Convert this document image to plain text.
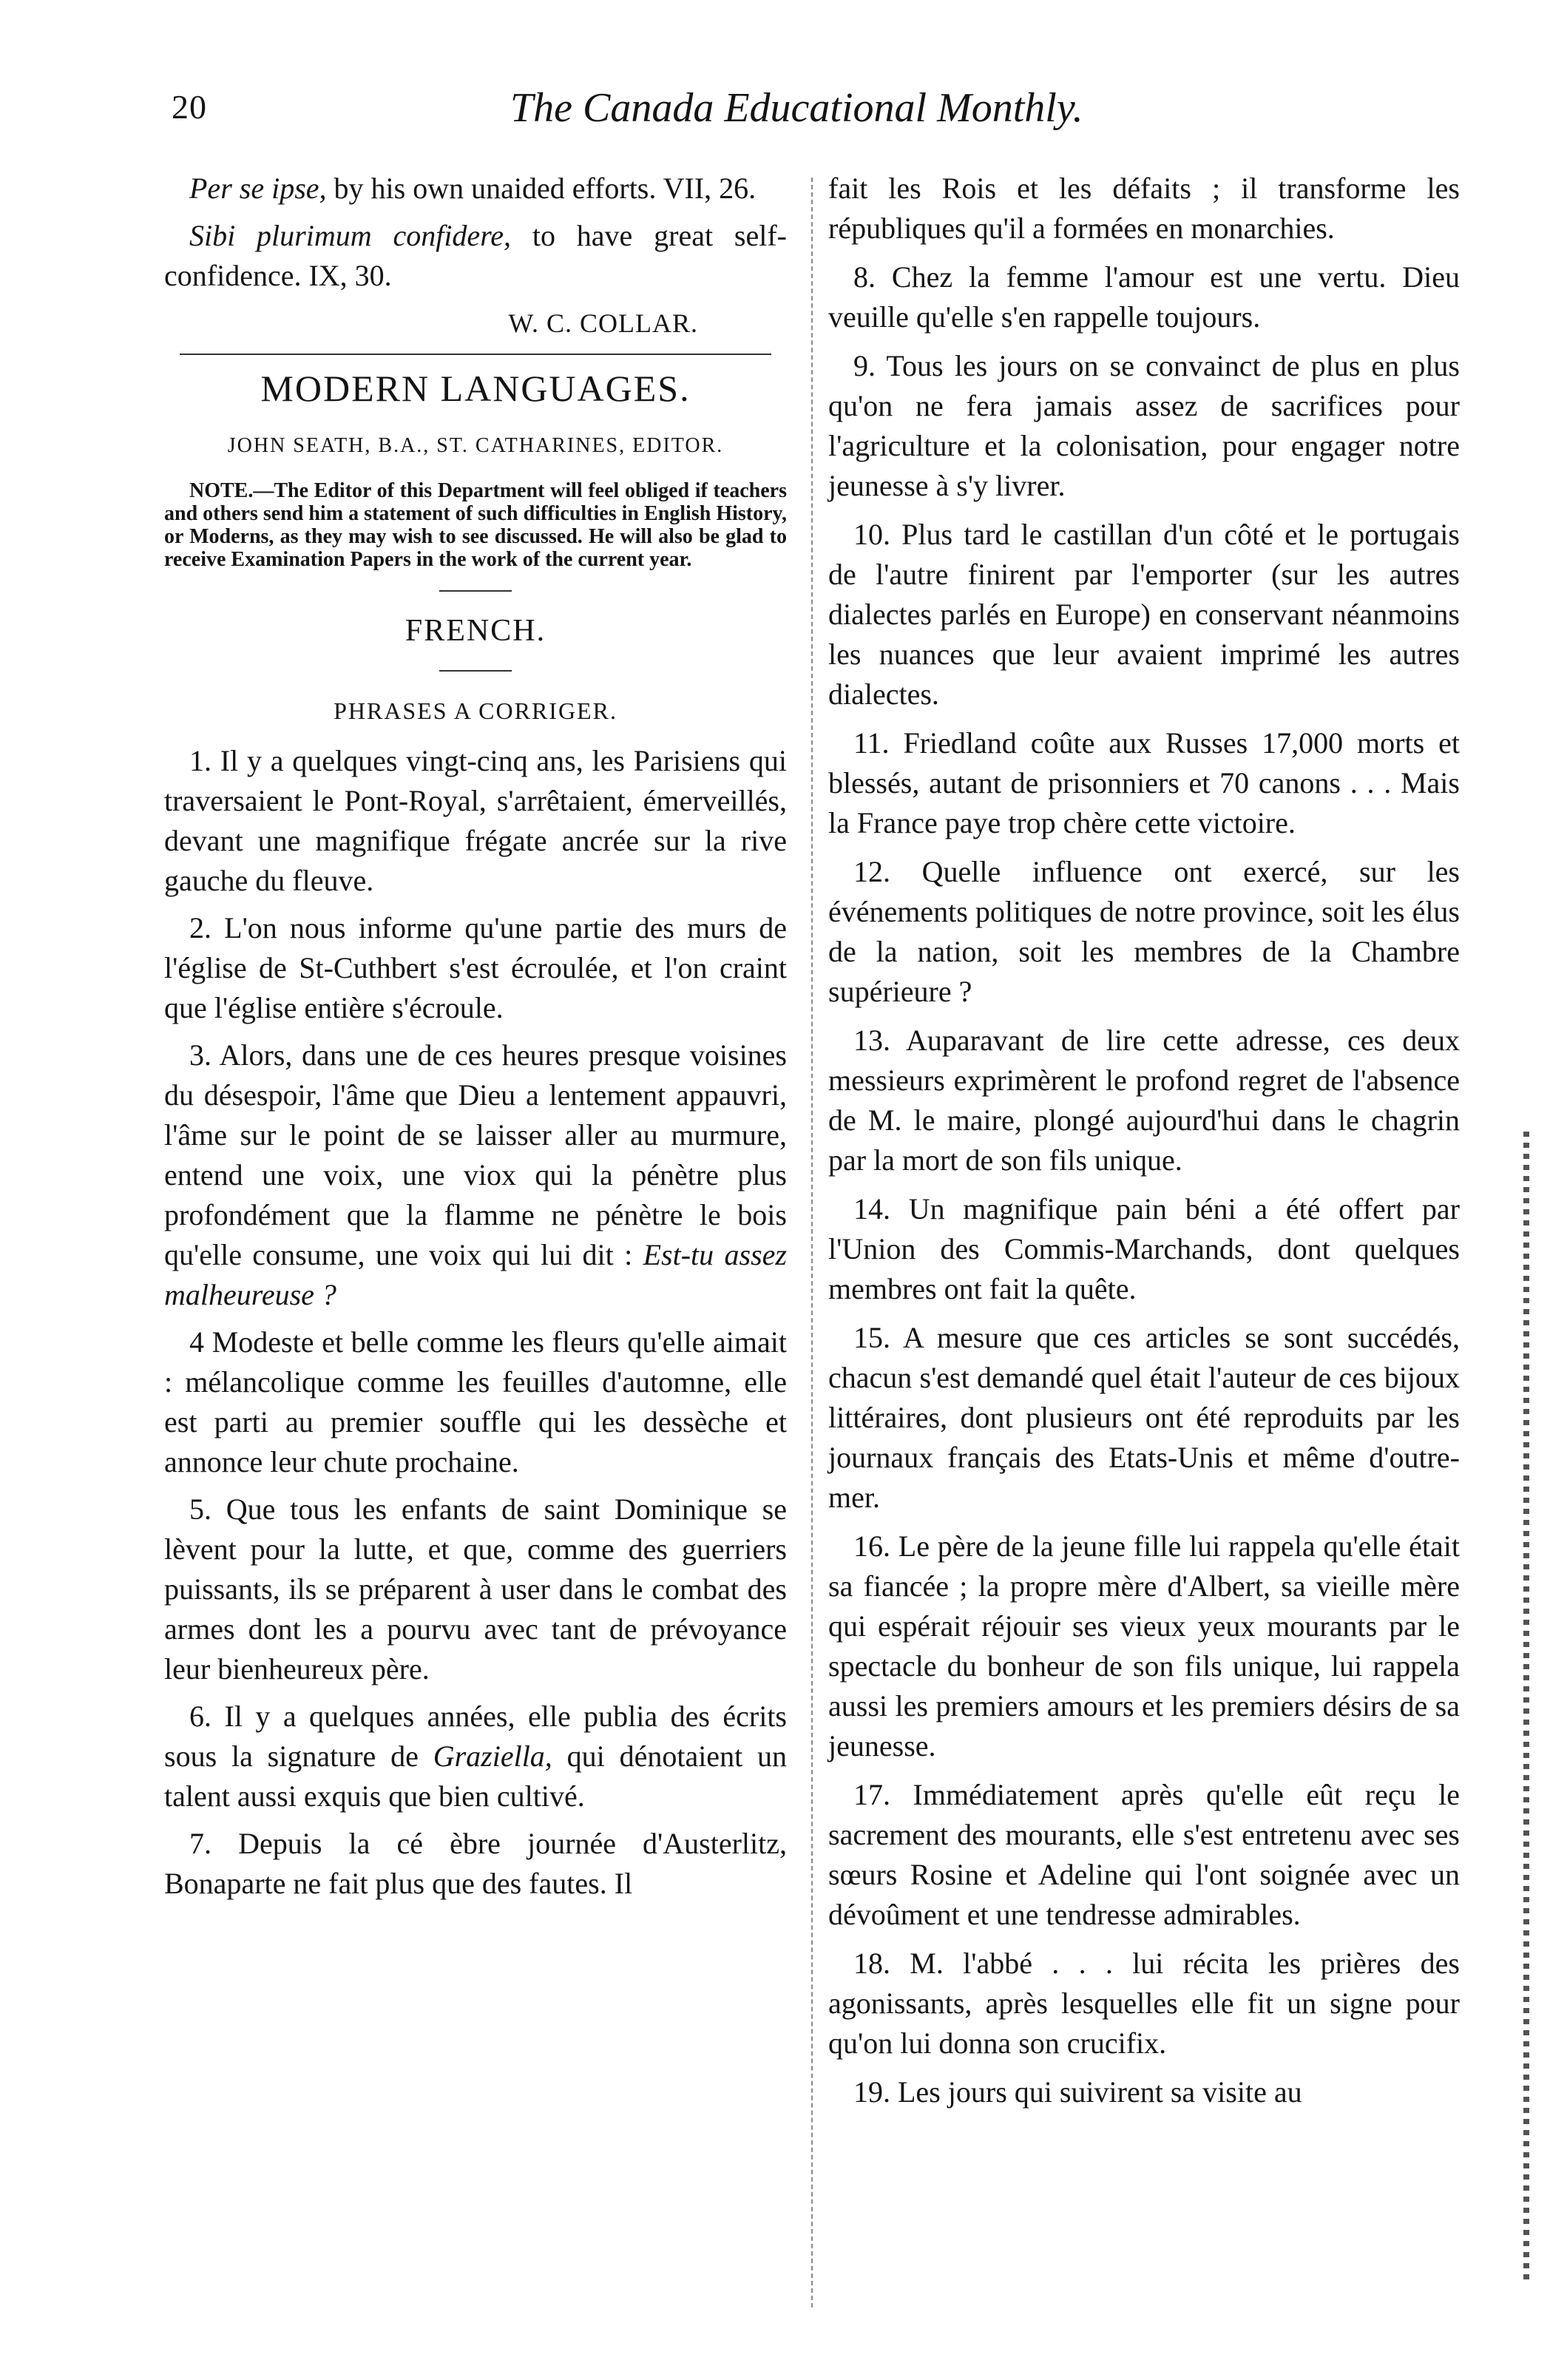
20	The Canada Educational Monthly.

Per se ipse, by his own unaided efforts. VII, 26.

Sibi plurimum confidere, to have great self-confidence. IX, 30.

W. C. COLLAR.
MODERN LANGUAGES.
JOHN SEATH, B.A., ST. CATHARINES, EDITOR.

NOTE.—The Editor of this Department will feel obliged if teachers and others send him a statement of such difficulties in English History, or Moderns, as they may wish to see discussed. He will also be glad to receive Examination Papers in the work of the current year.

FRENCH.
PHRASES A CORRIGER.

1. Il y a quelques vingt-cinq ans, les Parisiens qui traversaient le Pont-Royal, s'arrêtaient, émerveillés, devant une magnifique frégate ancrée sur la rive gauche du fleuve.

2. L'on nous informe qu'une partie des murs de l'église de St-Cuthbert s'est écroulée, et l'on craint que l'église entière s'écroule.

3. Alors, dans une de ces heures presque voisines du désespoir, l'âme que Dieu a lentement appauvri, l'âme sur le point de se laisser aller au murmure, entend une voix, une viox qui la pénètre plus profondément que la flamme ne pénètre le bois qu'elle consume, une voix qui lui dit : Est-tu assez malheureuse ?

4 Modeste et belle comme les fleurs qu'elle aimait : mélancolique comme les feuilles d'automne, elle est parti au premier souffle qui les dessèche et annonce leur chute prochaine.

5. Que tous les enfants de saint Dominique se lèvent pour la lutte, et que, comme des guerriers puissants, ils se préparent à user dans le combat des armes dont les a pourvu avec tant de prévoyance leur bienheureux père.

6. Il y a quelques années, elle publia des écrits sous la signature de Graziella, qui dénotaient un talent aussi exquis que bien cultivé.

7. Depuis la cé èbre journée d'Austerlitz, Bonaparte ne fait plus que des fautes. Il

fait les Rois et les défaits ; il transforme les républiques qu'il a formées en monarchies.

8. Chez la femme l'amour est une vertu. Dieu veuille qu'elle s'en rappelle toujours.

9. Tous les jours on se convainct de plus en plus qu'on ne fera jamais assez de sacrifices pour l'agriculture et la colonisation, pour engager notre jeunesse à s'y livrer.

10. Plus tard le castillan d'un côté et le portugais de l'autre finirent par l'emporter (sur les autres dialectes parlés en Europe) en conservant néanmoins les nuances que leur avaient imprimé les autres dialectes.

11. Friedland coûte aux Russes 17,000 morts et blessés, autant de prisonniers et 70 canons . . . Mais la France paye trop chère cette victoire.

12. Quelle influence ont exercé, sur les événements politiques de notre province, soit les élus de la nation, soit les membres de la Chambre supérieure ?

13. Auparavant de lire cette adresse, ces deux messieurs exprimèrent le profond regret de l'absence de M. le maire, plongé aujourd'hui dans le chagrin par la mort de son fils unique.

14. Un magnifique pain béni a été offert par l'Union des Commis-Marchands, dont quelques membres ont fait la quête.

15. A mesure que ces articles se sont succédés, chacun s'est demandé quel était l'auteur de ces bijoux littéraires, dont plusieurs ont été reproduits par les journaux français des Etats-Unis et même d'outre-mer.

16. Le père de la jeune fille lui rappela qu'elle était sa fiancée ; la propre mère d'Albert, sa vieille mère qui espérait réjouir ses vieux yeux mourants par le spectacle du bonheur de son fils unique, lui rappela aussi les premiers amours et les premiers désirs de sa jeunesse.

17. Immédiatement après qu'elle eût reçu le sacrement des mourants, elle s'est entretenu avec ses sœurs Rosine et Adeline qui l'ont soignée avec un dévoûment et une tendresse admirables.

18. M. l'abbé . . . lui récita les prières des agonissants, après lesquelles elle fit un signe pour qu'on lui donna son crucifix.

19. Les jours qui suivirent sa visite au
